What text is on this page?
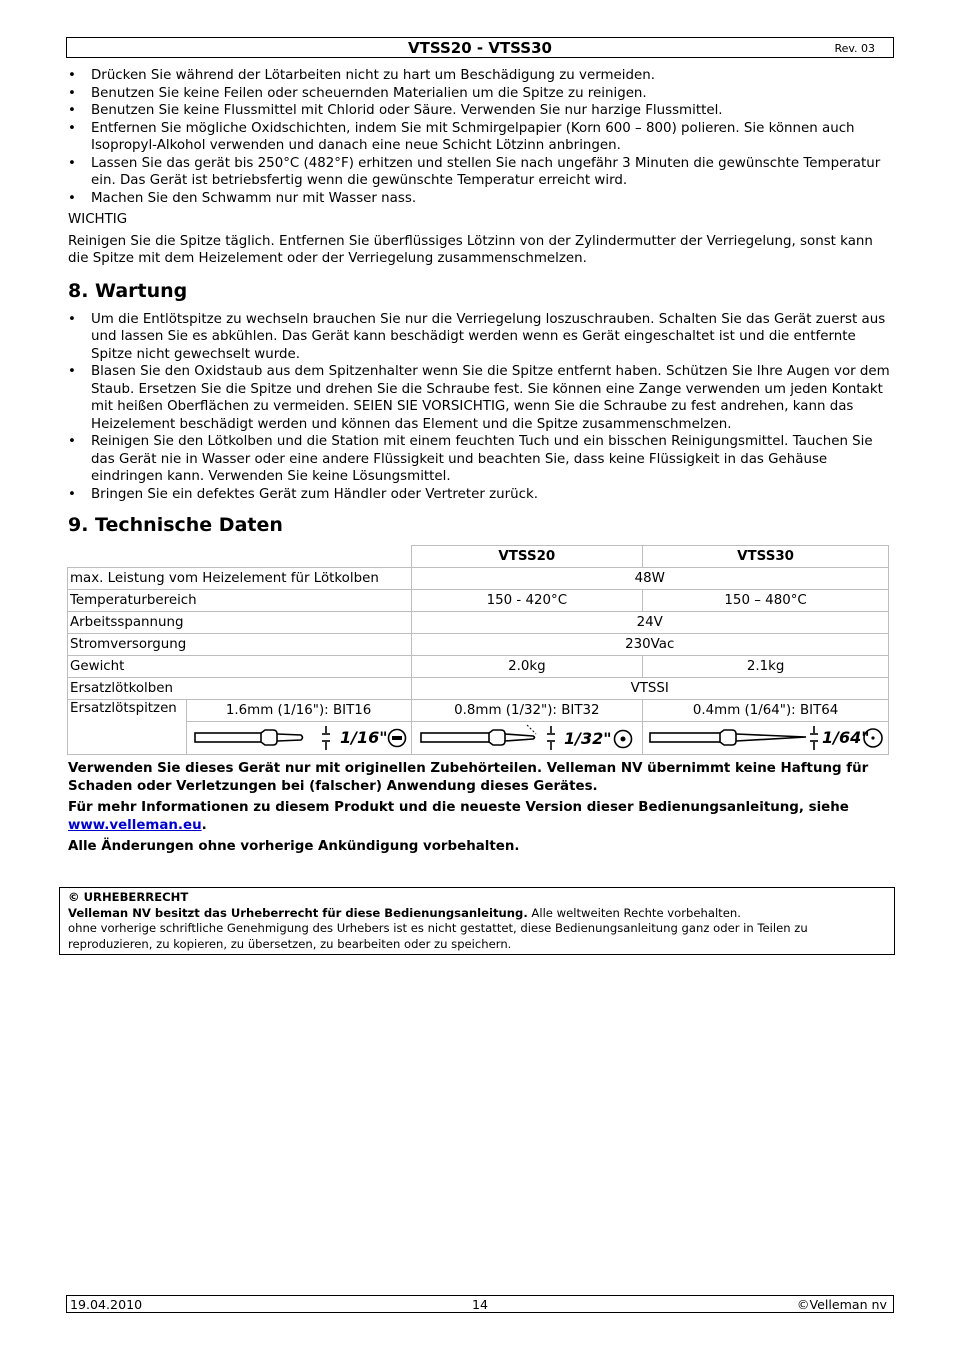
VTSS20 - VTSS30	Rev. 03
• Drücken Sie während der Lötarbeiten nicht zu hart um Beschädigung zu vermeiden.
• Benutzen Sie keine Feilen oder scheuernden Materialien um die Spitze zu reinigen.
• Benutzen Sie keine Flussmittel mit Chlorid oder Säure. Verwenden Sie nur harzige Flussmittel.
• Entfernen Sie mögliche Oxidschichten, indem Sie mit Schmirgelpapier (Korn 600 – 800) polieren. Sie können auch Isopropyl-Alkohol verwenden und danach eine neue Schicht Lötzinn anbringen.
• Lassen Sie das gerät bis 250°C (482°F) erhitzen und stellen Sie nach ungefähr 3 Minuten die gewünschte Temperatur ein. Das Gerät ist betriebsfertig wenn die gewünschte Temperatur erreicht wird.
• Machen Sie den Schwamm nur mit Wasser nass.

WICHTIG

Reinigen Sie die Spitze täglich. Entfernen Sie überflüssiges Lötzinn von der Zylindermutter der Verriegelung, sonst kann die Spitze mit dem Heizelement oder der Verriegelung zusammenschmelzen.

8. Wartung
• Um die Entlötspitze zu wechseln brauchen Sie nur die Verriegelung loszuschrauben. Schalten Sie das Gerät zuerst aus und lassen Sie es abkühlen. Das Gerät kann beschädigt werden wenn es Gerät eingeschaltet ist und die entfernte Spitze nicht gewechselt wurde.
• Blasen Sie den Oxidstaub aus dem Spitzenhalter wenn Sie die Spitze entfernt haben. Schützen Sie Ihre Augen vor dem Staub. Ersetzen Sie die Spitze und drehen Sie die Schraube fest. Sie können eine Zange verwenden um jeden Kontakt mit heißen Oberflächen zu vermeiden. SEIEN SIE VORSICHTIG, wenn Sie die Schraube zu fest andrehen, kann das Heizelement beschädigt werden und können das Element und die Spitze zusammenschmelzen.
• Reinigen Sie den Lötkolben und die Station mit einem feuchten Tuch und ein bisschen Reinigungsmittel. Tauchen Sie das Gerät nie in Wasser oder eine andere Flüssigkeit und beachten Sie, dass keine Flüssigkeit in das Gehäuse eindringen kann. Verwenden Sie keine Lösungsmittel.
• Bringen Sie ein defektes Gerät zum Händler oder Vertreter zurück.
9. Technische Daten
		VTSS20	VTSS30
max. Leistung vom Heizelement für Lötkolben		48W	
Temperaturbereich		150 - 420°C	150 – 480°C
Arbeitsspannung		24V	
Stromversorgung		230Vac	
Gewicht		2.0kg	2.1kg
Ersatzlötkolben		VTSSI	
Ersatzlötspitzen	1.6mm (1/16"): BIT16	0.8mm (1/32"): BIT32	0.4mm (1/64"): BIT64

1/16"	1/32"	1/64"

Verwenden Sie dieses Gerät nur mit originellen Zubehörteilen. Velleman NV übernimmt keine Haftung für Schaden oder Verletzungen bei (falscher) Anwendung dieses Gerätes.

Für mehr Informationen zu diesem Produkt und die neueste Version dieser Bedienungsanleitung, siehe www.velleman.eu.

Alle Änderungen ohne vorherige Ankündigung vorbehalten.

© URHEBERRECHT
Velleman NV besitzt das Urheberrecht für diese Bedienungsanleitung. Alle weltweiten Rechte vorbehalten.
ohne vorherige schriftliche Genehmigung des Urhebers ist es nicht gestattet, diese Bedienungsanleitung ganz oder in Teilen zu reproduzieren, zu kopieren, zu übersetzen, zu bearbeiten oder zu speichern.
19.04.2010	14	©Velleman nv
